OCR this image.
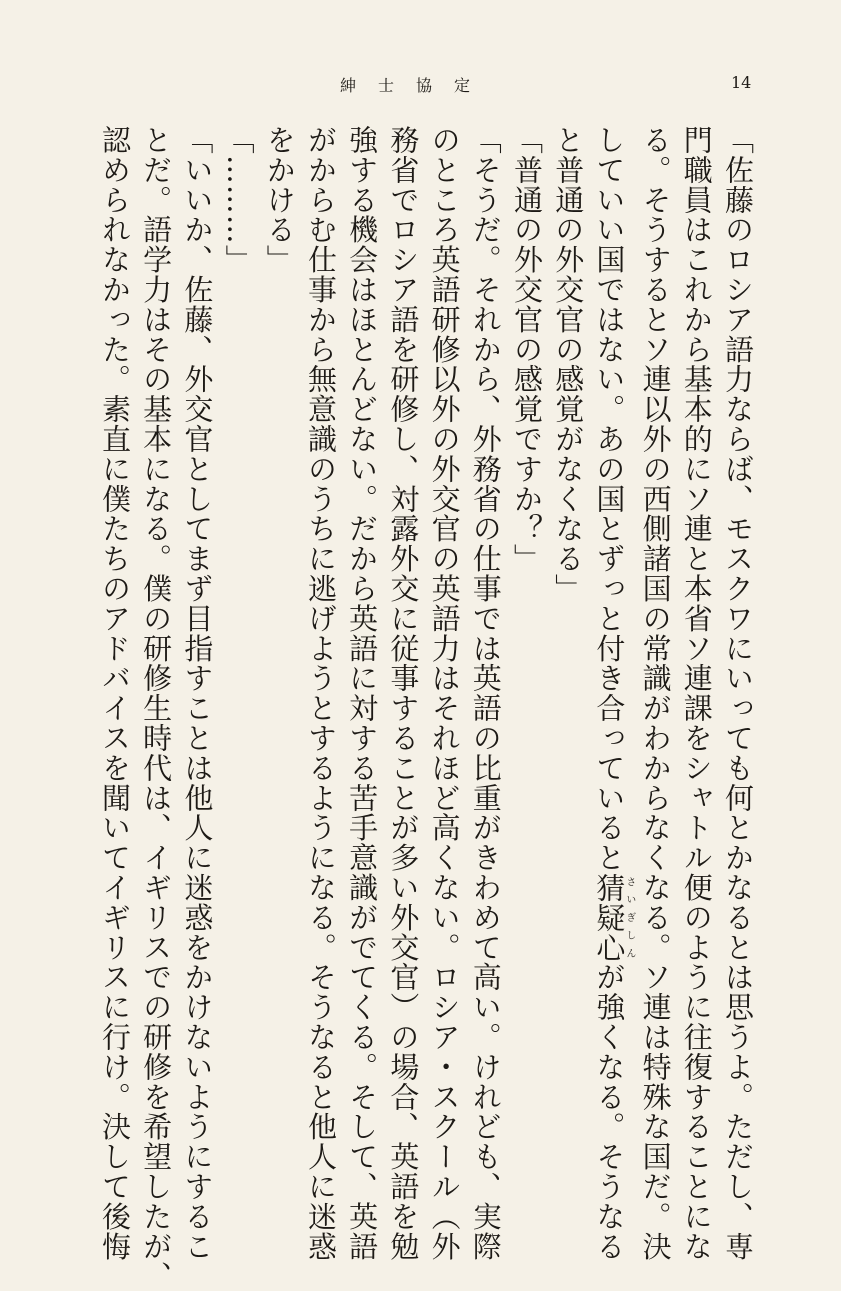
紳士協定	14

「佐藤のロシア語力ならば、モスクワにいっても何とかなるとは思うよ。ただし、専

門職員はこれから基本的にソ連と本省ソ連課をシャトル便のように往復することにな

る。そうするとソ連以外の西側諸国の常識がわからなくなる。ソ連は特殊な国だ。決

していい国ではない。あの国とずっと付き合っていると猜疑心さいぎしんが強くなる。そうなる

と普通の外交官の感覚がなくなる」

「普通の外交官の感覚ですか？」

「そうだ。それから、外務省の仕事では英語の比重がきわめて高い。けれども、実際

のところ英語研修以外の外交官の英語力はそれほど高くない。ロシア・スクール（外

務省でロシア語を研修し、対露外交に従事することが多い外交官）の場合、英語を勉

強する機会はほとんどない。だから英語に対する苦手意識がでてくる。そして、英語

がからむ仕事から無意識のうちに逃げようとするようになる。そうなると他人に迷惑

をかける」

「………」

「いいか、佐藤、外交官としてまず目指すことは他人に迷惑をかけないようにするこ

とだ。語学力はその基本になる。僕の研修生時代は、イギリスでの研修を希望したが、

認められなかった。素直に僕たちのアドバイスを聞いてイギリスに行け。決して後悔
